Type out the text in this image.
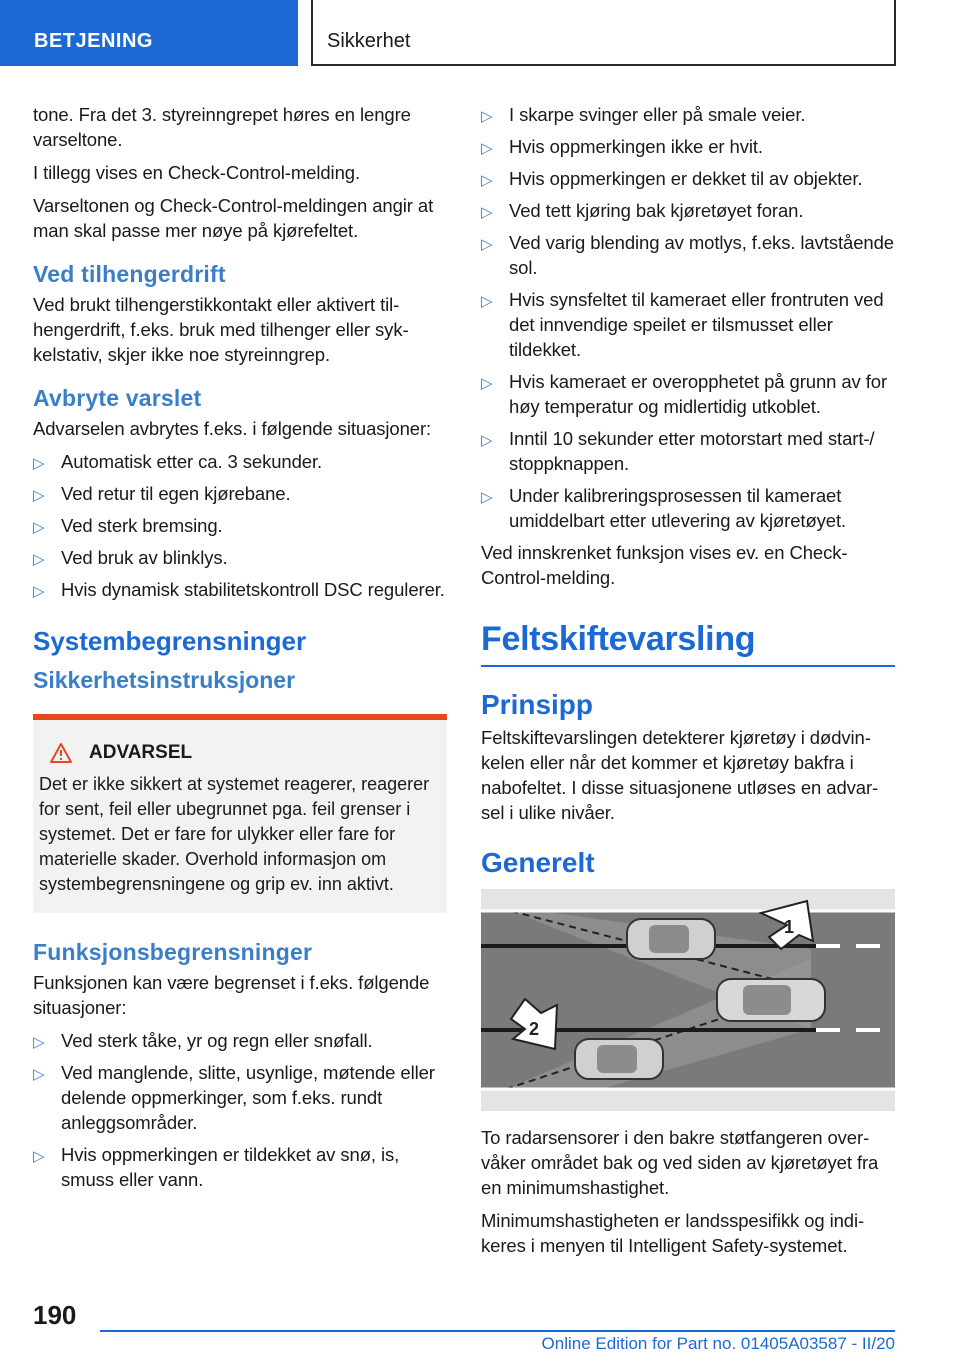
BETJENING	Sikkerhet

tone. Fra det 3. styreinngrepet høres en lengre varseltone.

I tillegg vises en Check-Control-melding.

Varseltonen og Check-Control-meldingen angir at man skal passe mer nøye på kjørefeltet.

Ved tilhengerdrift

Ved brukt tilhengerstikkontakt eller aktivert tilhengerdrift, f.eks. bruk med tilhenger eller sykkelstativ, skjer ikke noe styreinngrep.

Avbryte varslet

Advarselen avbrytes f.eks. i følgende situasjoner:

▷ Automatisk etter ca. 3 sekunder.
▷ Ved retur til egen kjørebane.
▷ Ved sterk bremsing.
▷ Ved bruk av blinklys.
▷ Hvis dynamisk stabilitetskontroll DSC regulerer.
Systembegrensninger
Sikkerhetsinstruksjoner
ADVARSEL

Det er ikke sikkert at systemet reagerer, reagerer for sent, feil eller ubegrunnet pga. feil grenser i systemet. Det er fare for ulykker eller fare for materielle skader. Overhold informasjon om systembegrensningene og grip ev. inn aktivt.

Funksjonsbegrensninger

Funksjonen kan være begrenset i f.eks. følgende situasjoner:

▷ Ved sterk tåke, yr og regn eller snøfall.
▷ Ved manglende, slitte, usynlige, møtende eller delende oppmerkinger, som f.eks. rundt anleggsområder.
▷ Hvis oppmerkingen er tildekket av snø, is, smuss eller vann.
▷ I skarpe svinger eller på smale veier.
▷ Hvis oppmerkingen ikke er hvit.
▷ Hvis oppmerkingen er dekket til av objekter.
▷ Ved tett kjøring bak kjøretøyet foran.
▷ Ved varig blending av motlys, f.eks. lavtstående sol.
▷ Hvis synsfeltet til kameraet eller frontruten ved det innvendige speilet er tilsmusset eller tildekket.
▷ Hvis kameraet er overopphetet på grunn av for høy temperatur og midlertidig utkoblet.
▷ Inntil 10 sekunder etter motorstart med start-/ stoppknappen.
▷ Under kalibreringsprosessen til kameraet umiddelbart etter utlevering av kjøretøyet.

Ved innskrenket funksjon vises ev. en Check-Control-melding.

Feltskiftevarsling
Prinsipp

Feltskiftevarslingen detekterer kjøretøy i dødvinkelen eller når det kommer et kjøretøy bakfra i nabofeltet. I disse situasjonene utløses en advarsel i ulike nivåer.

Generelt
1
2

To radarsensorer i den bakre støtfangeren overvåker området bak og ved siden av kjøretøyet fra en minimumshastighet.

Minimumshastigheten er landsspesifikk og indikeres i menyen til Intelligent Safety-systemet.

190
Online Edition for Part no. 01405A03587 - II/20
